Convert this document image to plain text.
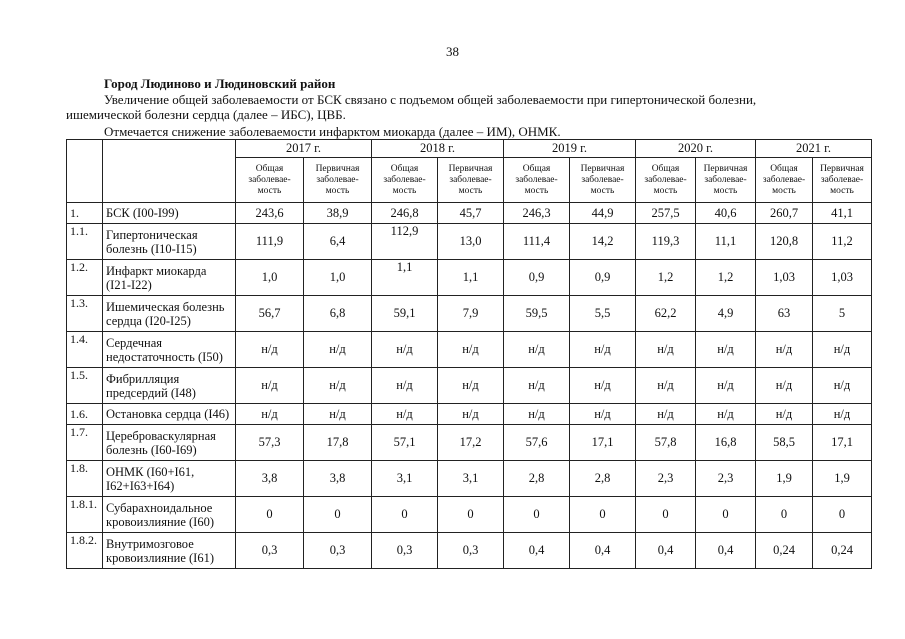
38
Город Людиново и Людиновский район
Увеличение общей заболеваемости от БСК связано с подъемом общей заболеваемости при гипертонической болезни,
ишемической болезни сердца (далее – ИБС), ЦВБ.
Отмечается снижение заболеваемости инфарктом миокарда (далее – ИМ), ОНМК.
		2017 г.		2018 г.		2019 г.		2020 г.		2021 г.	
		Общая заболевае-мость	Первичная заболевае-мость	Общая заболевае-мость	Первичная заболевае-мость	Общая заболевае-мость	Первичная заболевае-мость	Общая заболевае-мость	Первичная заболевае-мость	Общая заболевае-мость	Первичная заболевае-мость
1.	БСК (I00-I99)	243,6	38,9	246,8	45,7	246,3	44,9	257,5	40,6	260,7	41,1
1.1.	Гипертоническая болезнь (I10-I15)	111,9	6,4	112,9	13,0	111,4	14,2	119,3	11,1	120,8	11,2
1.2.	Инфаркт миокарда (I21-I22)	1,0	1,0	1,1	1,1	0,9	0,9	1,2	1,2	1,03	1,03
1.3.	Ишемическая болезнь сердца (I20-I25)	56,7	6,8	59,1	7,9	59,5	5,5	62,2	4,9	63	5
1.4.	Сердечная недостаточность (I50)	н/д	н/д	н/д	н/д	н/д	н/д	н/д	н/д	н/д	н/д
1.5.	Фибрилляция предсердий (I48)	н/д	н/д	н/д	н/д	н/д	н/д	н/д	н/д	н/д	н/д
1.6.	Остановка сердца (I46)	н/д	н/д	н/д	н/д	н/д	н/д	н/д	н/д	н/д	н/д
1.7.	Цереброваскулярная болезнь (I60-I69)	57,3	17,8	57,1	17,2	57,6	17,1	57,8	16,8	58,5	17,1
1.8.	ОНМК (I60+I61, I62+I63+I64)	3,8	3,8	3,1	3,1	2,8	2,8	2,3	2,3	1,9	1,9
1.8.1.	Субарахноидальное кровоизлияние (I60)	0	0	0	0	0	0	0	0	0	0
1.8.2.	Внутримозговое кровоизлияние (I61)	0,3	0,3	0,3	0,3	0,4	0,4	0,4	0,4	0,24	0,24
